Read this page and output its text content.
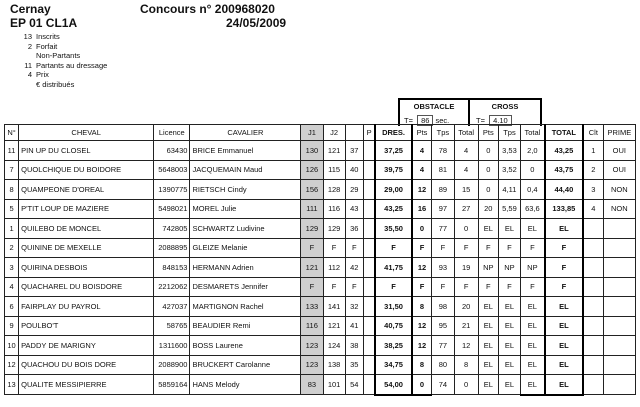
Cernay
EP 01 CL1A
Concours n° 200968020
24/05/2009
13 Inscrits
2 Forfait
Non-Partants
11 Partants au dressage
4 Prix
€ distribués
OBSTACLE
T= 86 sec.
CROSS
T= 4.10
N°	CHEVAL	Licence	CAVALIER	J1	J2		P	DRES.	Pts	Tps	Total	Pts	Tps	Total	TOTAL	Clt	PRIME
11	PIN UP DU CLOSEL	63430	BRICE Emmanuel	130	121	37		37,25	4	78	4	0	3,53	2,0	43,25	1	OUI
7	QUOLCHIQUE DU BOIDORE	5648003	JACQUEMAIN Maud	126	115	40		39,75	4	81	4	0	3,52	0	43,75	2	OUI
8	QUAMPEONE D'OREAL	1390775	RIETSCH Cindy	156	128	29		29,00	12	89	15	0	4,11	0,4	44,40	3	NON
5	P'TIT LOUP DE MAZIERE	5498021	MOREL Julie	111	116	43		43,25	16	97	27	20	5,59	63,6	133,85	4	NON
1	QUILEBO DE MONCEL	742805	SCHWARTZ Ludivine	129	129	36		35,50	0	77	0	EL	EL	EL	EL		
2	QUININE DE MEXELLE	2088895	GLEIZE Melanie	F	F	F		F	F	F	F	F	F	F	F		
3	QUIRINA DESBOIS	848153	HERMANN Adrien	121	112	42		41,75	12	93	19	NP	NP	NP	F		
4	QUACHAREL DU BOISDORE	2212062	DESMARETS Jennifer	F	F	F		F	F	F	F	F	F	F	F		
6	FAIRPLAY DU PAYROL	427037	MARTIGNON Rachel	133	141	32		31,50	8	98	20	EL	EL	EL	EL		
9	POULBO'T	58765	BEAUDIER Remi	116	121	41		40,75	12	95	21	EL	EL	EL	EL		
10	PADDY DE MARIGNY	1311600	BOSS Laurene	123	124	38		38,25	12	77	12	EL	EL	EL	EL		
12	QUACHOU DU BOIS DORE	2088900	BRUCKERT Carolanne	123	138	35		34,75	8	80	8	EL	EL	EL	EL		
13	QUALITE MESSIPIERRE	5859164	HANS Melody	83	101	54		54,00	0	74	0	EL	EL	EL	EL		
